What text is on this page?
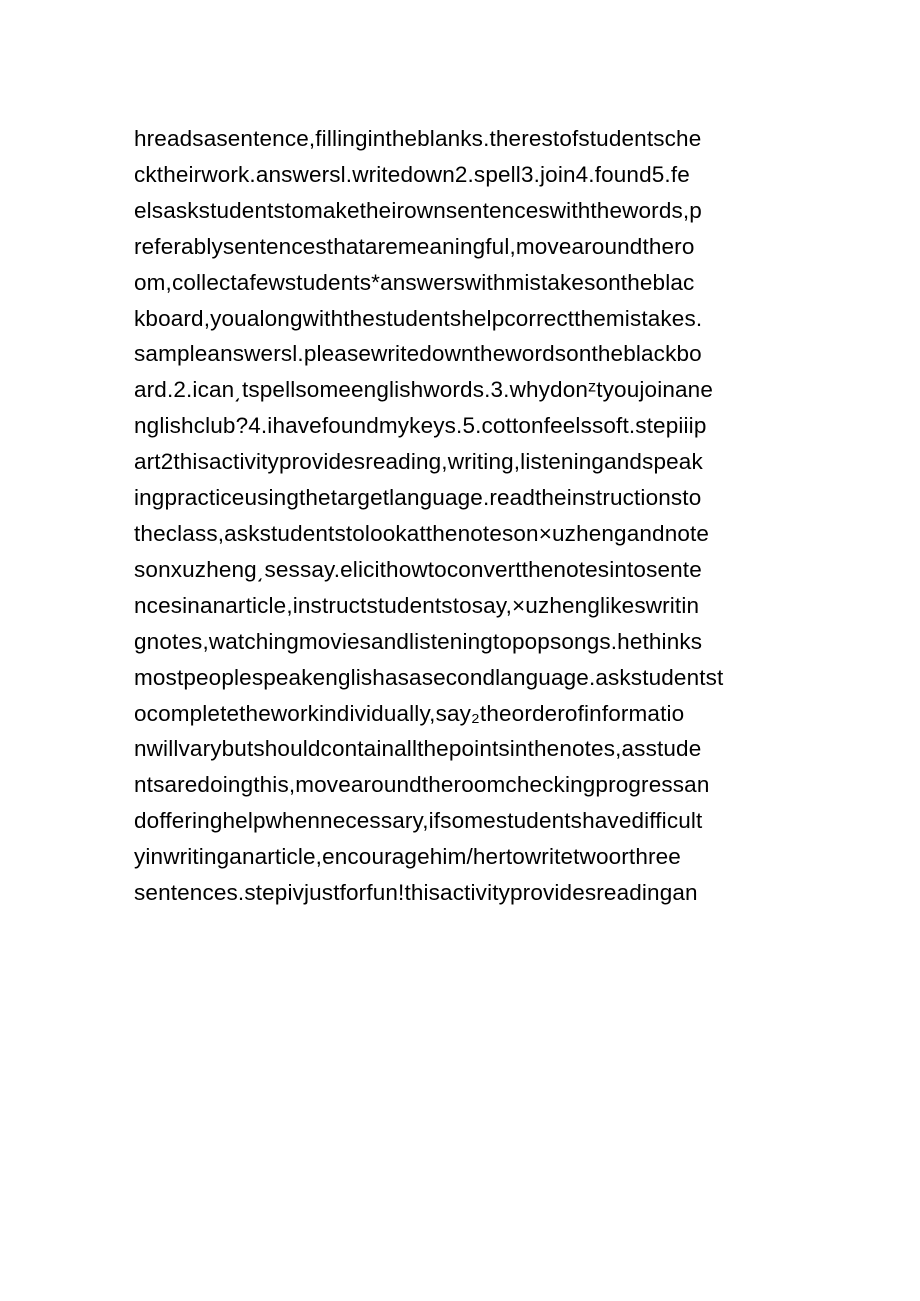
hreadsasentence,fillingintheblanks.therestofstudentsche
cktheirwork.answersl.writedown2.spell3.join4.found5.fe
elsaskstudentstomaketheirownsentenceswiththewords,p
referablysentencesthataremeaningful,movearoundthero
om,collectafewstudents*answerswithmistakesontheblac
kboard,youalongwiththestudentshelpcorrectthemistakes.
sampleanswersl.pleasewritedownthewordsontheblackbo
ard.2.ican͵tspellsomeenglishwords.3.whydonᶻtyoujoinane
nglishclub?4.ihavefoundmykeys.5.cottonfeelssoft.stepiiip
art2thisactivityprovidesreading,writing,listeningandspeak
ingpracticeusingthetargetlanguage.readtheinstructionsto
theclass,askstudentstolookatthenoteson×uzhengandnote
sonxuzheng͵sessay.elicithowtoconvertthenotesintosente
ncesinanarticle,instructstudentstosay,×uzhenglikeswritin
gnotes,watchingmoviesandlisteningtopopsongs.hethinks
mostpeoplespeakenglishasasecondlanguage.askstudentst
ocompletetheworkindividually,say₂theorderofinformatio
nwillvarybutshouldcontainallthepointsinthenotes,asstude
ntsaredoingthis,movearoundtheroomcheckingprogressan
dofferinghelpwhennecessary,ifsomestudentshavedifficult
yinwritinganarticle,encouragehim/hertowritetwoorthree
sentences.stepivjustforfun!thisactivityprovidesreadingan
